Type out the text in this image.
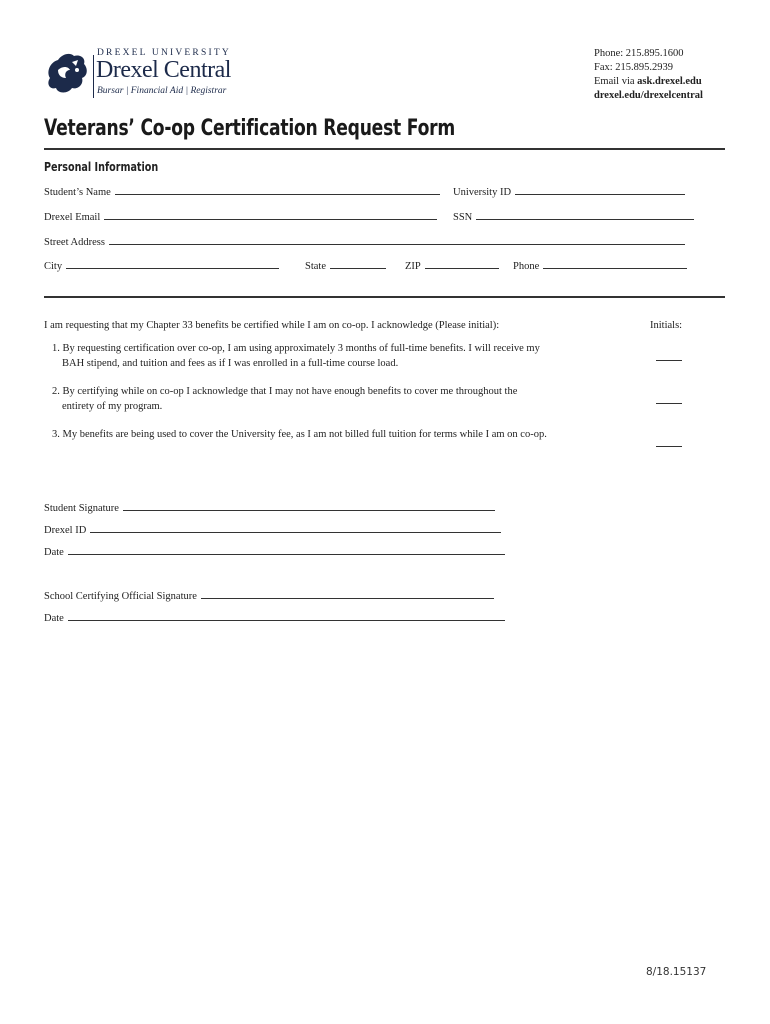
DREXEL UNIVERSITY
Drexel Central
Bursar | Financial Aid | Registrar
Phone: 215.895.1600
Fax: 215.895.2939
Email via ask.drexel.edu
drexel.edu/drexelcentral
Veterans’ Co-op Certification Request Form
Personal Information
Student’s Name	University ID
Drexel Email	SSN
Street Address
City	State	ZIP	Phone
I am requesting that my Chapter 33 benefits be certified while I am on co-op. I acknowledge (Please initial):	Initials:
1. By requesting certification over co-op, I am using approximately 3 months of full-time benefits. I will receive my
BAH stipend, and tuition and fees as if I was enrolled in a full-time course load.
2. By certifying while on co-op I acknowledge that I may not have enough benefits to cover me throughout the
entirety of my program.
3. My benefits are being used to cover the University fee, as I am not billed full tuition for terms while I am on co-op.
Student Signature
Drexel ID
Date
School Certifying Official Signature
Date
8/18.15137
